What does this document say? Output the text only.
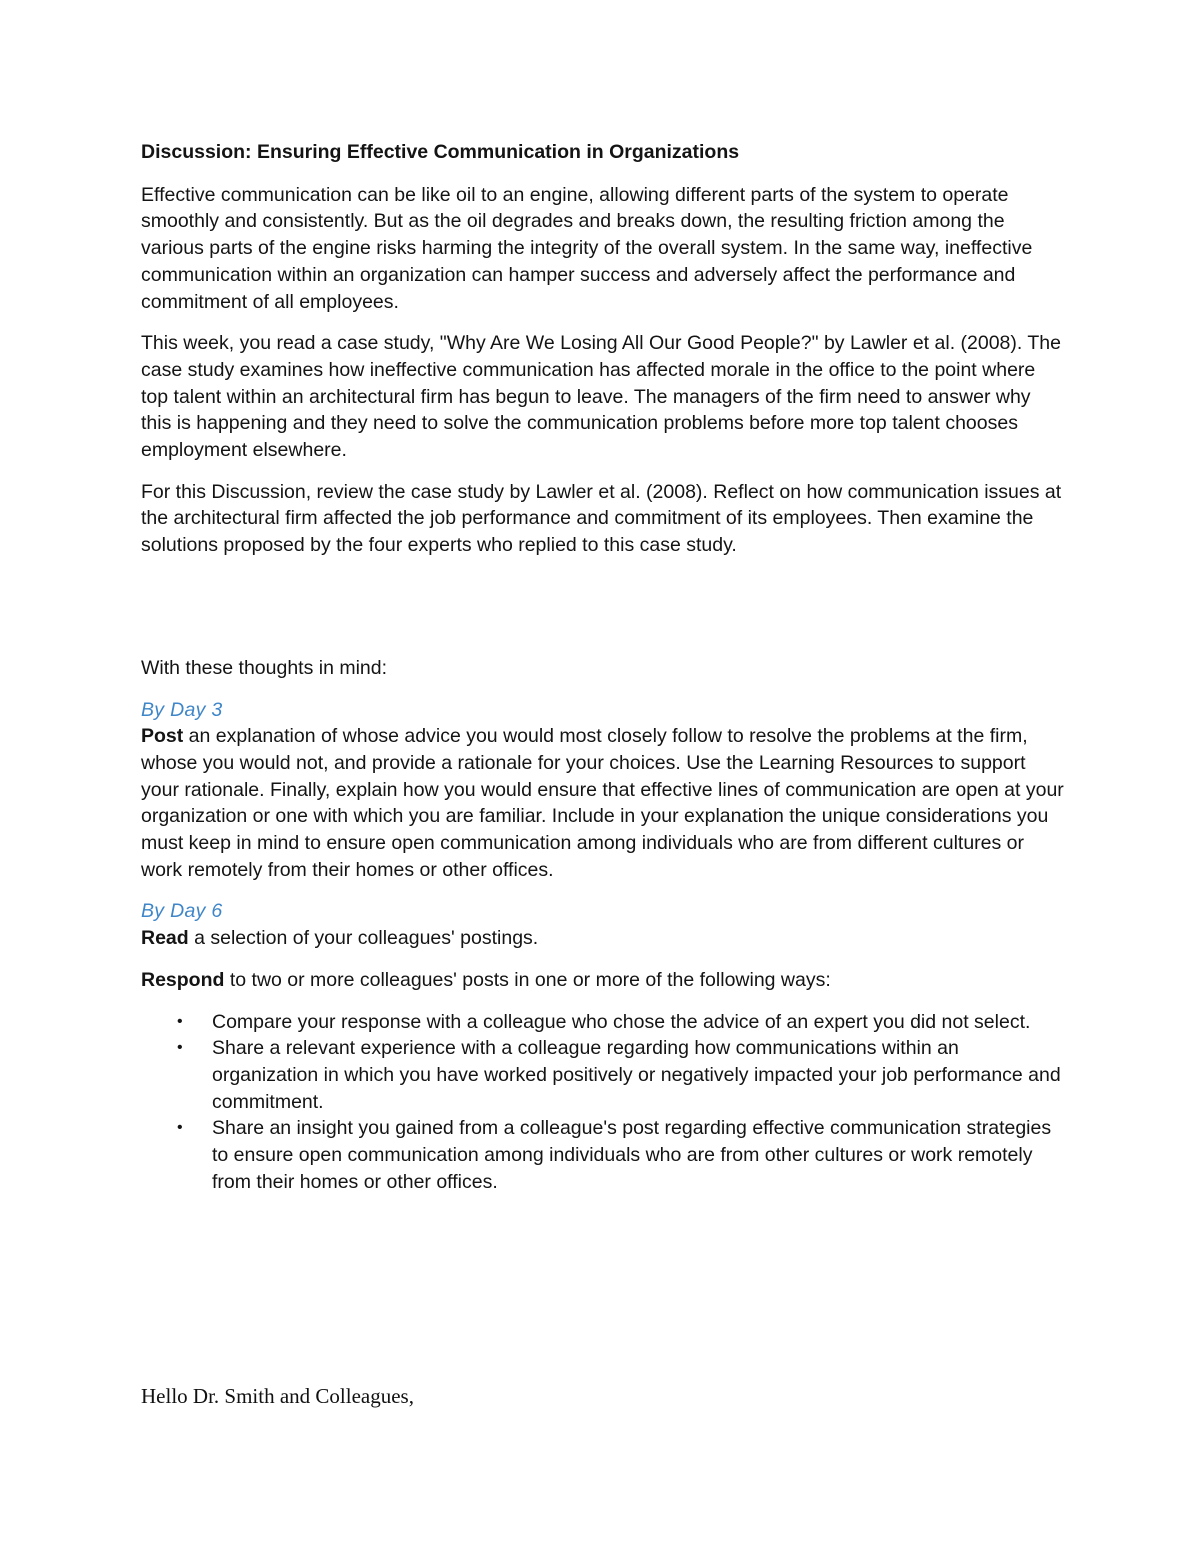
Discussion: Ensuring Effective Communication in Organizations

Effective communication can be like oil to an engine, allowing different parts of the system to operate smoothly and consistently. But as the oil degrades and breaks down, the resulting friction among the various parts of the engine risks harming the integrity of the overall system. In the same way, ineffective communication within an organization can hamper success and adversely affect the performance and commitment of all employees.

This week, you read a case study, "Why Are We Losing All Our Good People?" by Lawler et al. (2008). The case study examines how ineffective communication has affected morale in the office to the point where top talent within an architectural firm has begun to leave. The managers of the firm need to answer why this is happening and they need to solve the communication problems before more top talent chooses employment elsewhere.

For this Discussion, review the case study by Lawler et al. (2008). Reflect on how communication issues at the architectural firm affected the job performance and commitment of its employees. Then examine the solutions proposed by the four experts who replied to this case study.

With these thoughts in mind:

By Day 3

Post an explanation of whose advice you would most closely follow to resolve the problems at the firm, whose you would not, and provide a rationale for your choices. Use the Learning Resources to support your rationale. Finally, explain how you would ensure that effective lines of communication are open at your organization or one with which you are familiar. Include in your explanation the unique considerations you must keep in mind to ensure open communication among individuals who are from different cultures or work remotely from their homes or other offices.

By Day 6

Read a selection of your colleagues' postings.

Respond to two or more colleagues' posts in one or more of the following ways:

• Compare your response with a colleague who chose the advice of an expert you did not select.
• Share a relevant experience with a colleague regarding how communications within an organization in which you have worked positively or negatively impacted your job performance and commitment.
• Share an insight you gained from a colleague's post regarding effective communication strategies to ensure open communication among individuals who are from other cultures or work remotely from their homes or other offices.

Hello Dr. Smith and Colleagues,
